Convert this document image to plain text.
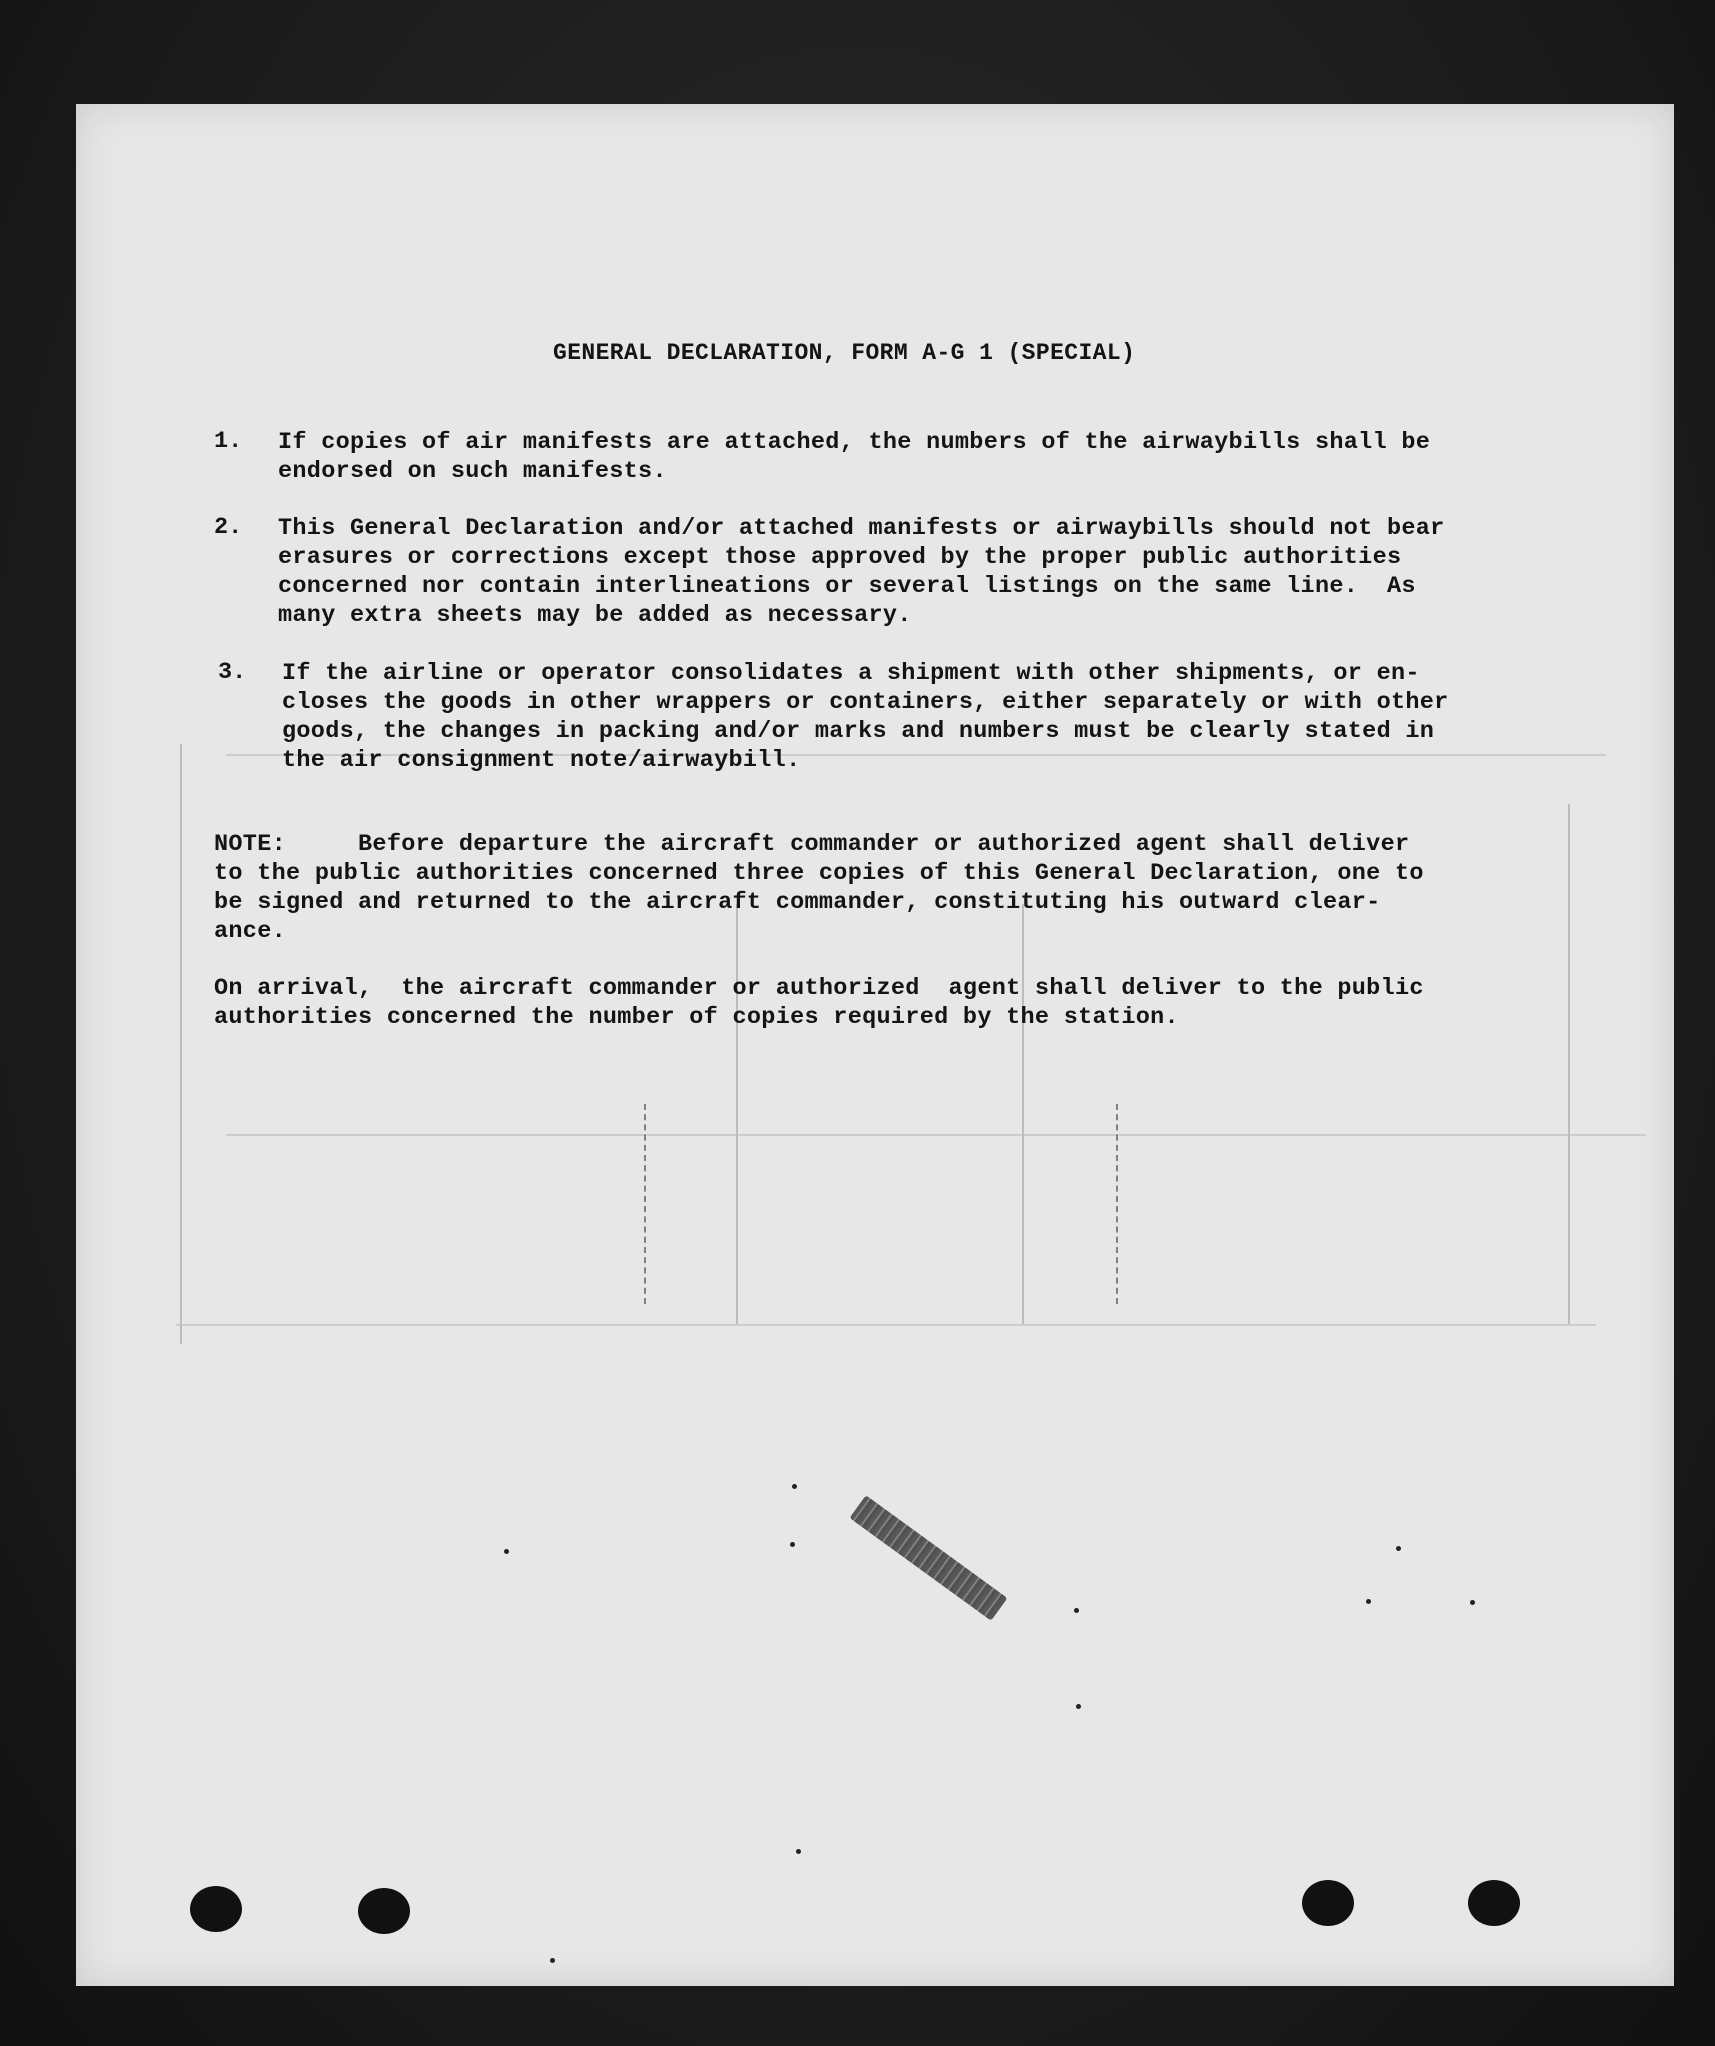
GENERAL DECLARATION, FORM A-G 1 (SPECIAL)
1. If copies of air manifests are attached, the numbers of the airwaybills shall be
endorsed on such manifests.
2. This General Declaration and/or attached manifests or airwaybills should not bear
erasures or corrections except those approved by the proper public authorities
concerned nor contain interlineations or several listings on the same line.  As
many extra sheets may be added as necessary.
3. If the airline or operator consolidates a shipment with other shipments, or en-
closes the goods in other wrappers or containers, either separately or with other
goods, the changes in packing and/or marks and numbers must be clearly stated in
the air consignment note/airwaybill.
NOTE:     Before departure the aircraft commander or authorized agent shall deliver
to the public authorities concerned three copies of this General Declaration, one to
be signed and returned to the aircraft commander, constituting his outward clear-
ance.
On arrival,  the aircraft commander or authorized  agent shall deliver to the public
authorities concerned the number of copies required by the station.
